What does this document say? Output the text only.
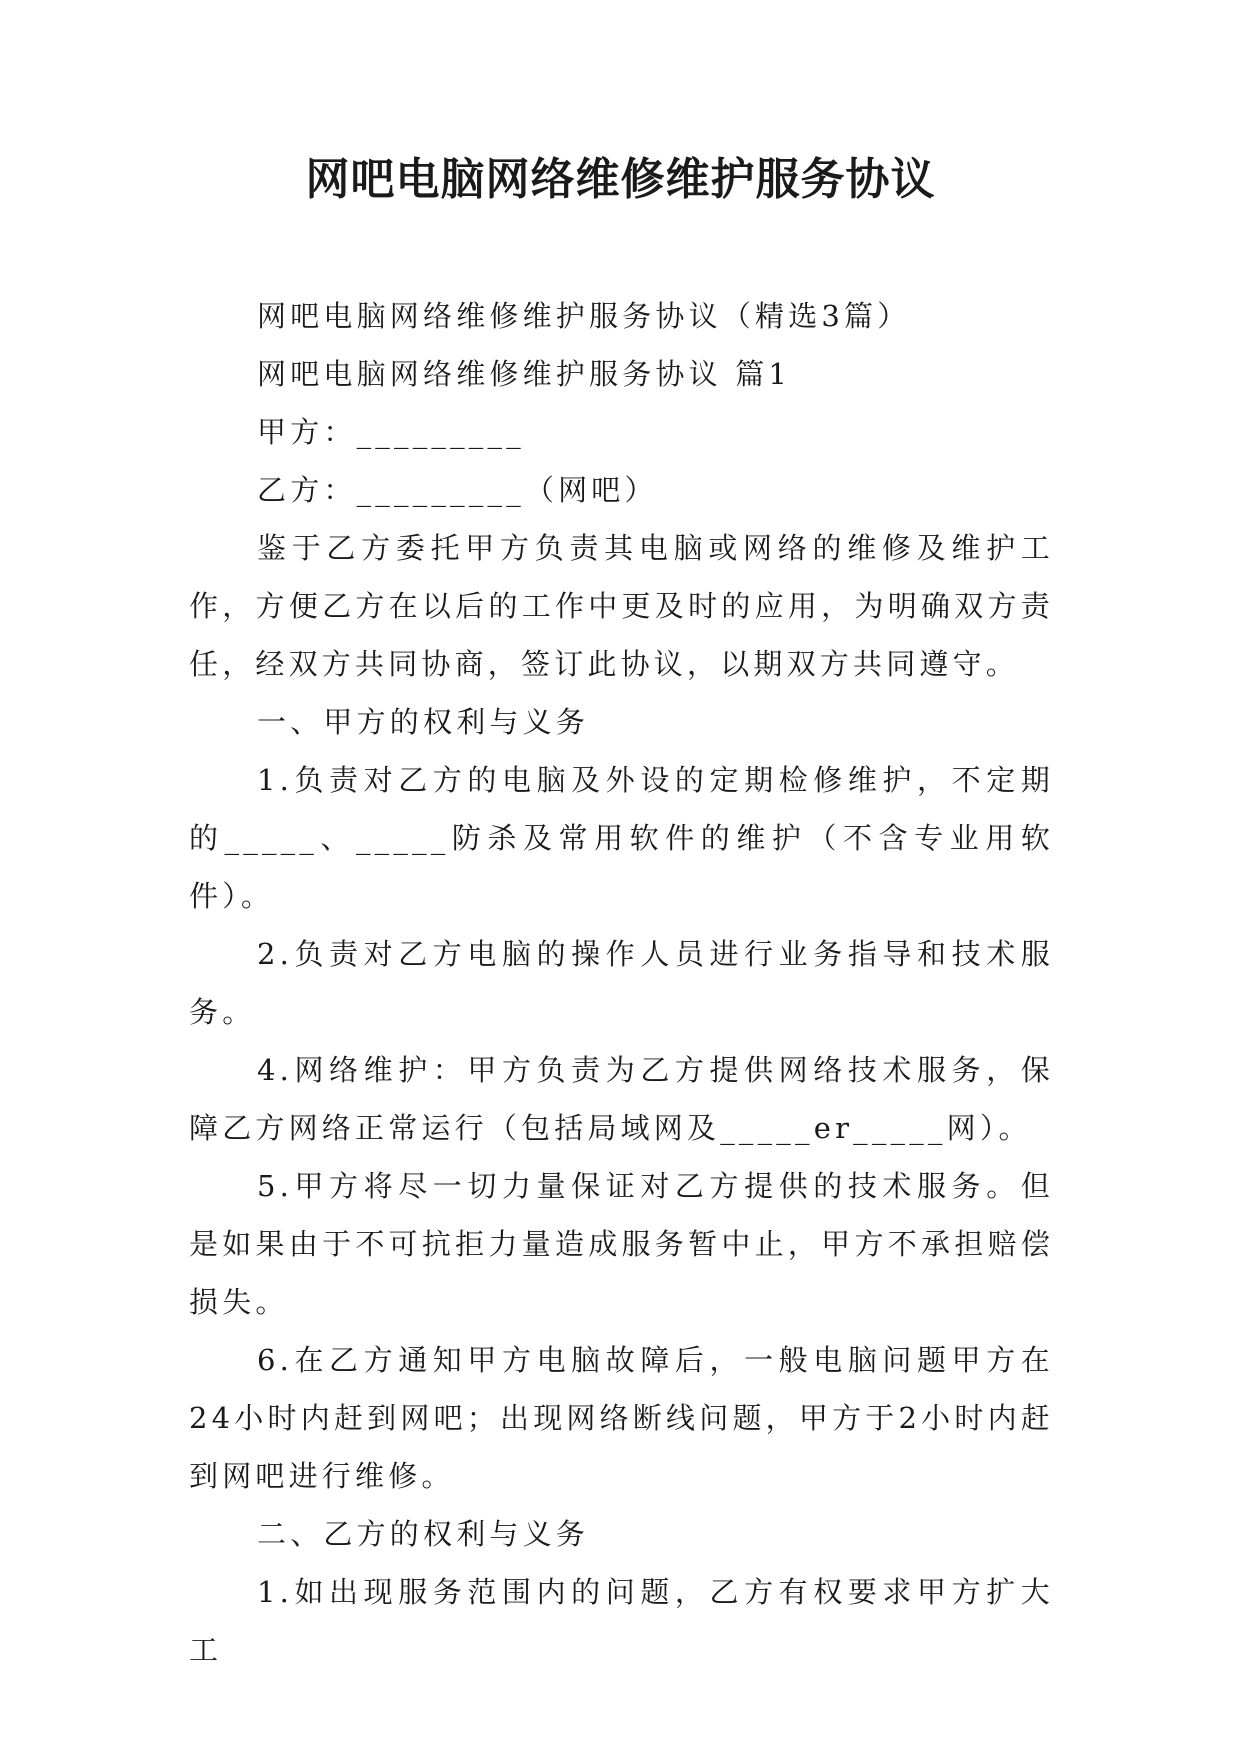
网吧电脑网络维修维护服务协议

网吧电脑网络维修维护服务协议（精选3篇）

网吧电脑网络维修维护服务协议 篇1

甲方：_________

乙方：_________（网吧）

鉴于乙方委托甲方负责其电脑或网络的维修及维护工作，方便乙方在以后的工作中更及时的应用，为明确双方责任，经双方共同协商，签订此协议，以期双方共同遵守。

一、甲方的权利与义务

1.负责对乙方的电脑及外设的定期检修维护，不定期的_____、_____防杀及常用软件的维护（不含专业用软件）。

2.负责对乙方电脑的操作人员进行业务指导和技术服务。

4.网络维护：甲方负责为乙方提供网络技术服务，保障乙方网络正常运行（包括局域网及_____er_____网）。

5.甲方将尽一切力量保证对乙方提供的技术服务。但是如果由于不可抗拒力量造成服务暂中止，甲方不承担赔偿损失。

6.在乙方通知甲方电脑故障后，一般电脑问题甲方在24小时内赶到网吧；出现网络断线问题，甲方于2小时内赶到网吧进行维修。

二、乙方的权利与义务

1.如出现服务范围内的问题，乙方有权要求甲方扩大工
